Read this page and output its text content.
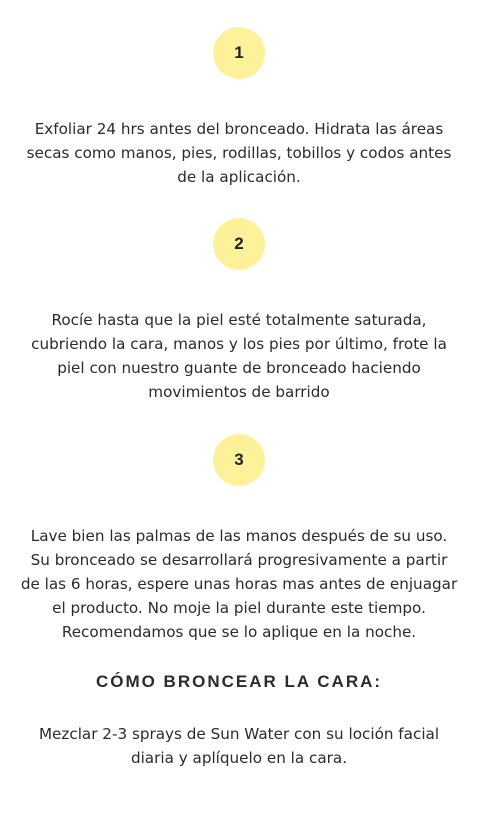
1
Exfoliar 24 hrs antes del bronceado. Hidrata las áreas secas como manos, pies, rodillas, tobillos y codos antes de la aplicación.
2
Rocíe hasta que la piel esté totalmente saturada, cubriendo la cara, manos y los pies por último, frote la piel con nuestro guante de bronceado haciendo movimientos de barrido
3
Lave bien las palmas de las manos después de su uso. Su bronceado se desarrollará progresivamente a partir de las 6 horas, espere unas horas mas antes de enjuagar el producto. No moje la piel durante este tiempo. Recomendamos que se lo aplique en la noche.
CÓMO BRONCEAR LA CARA:
Mezclar 2-3 sprays de Sun Water con su loción facial diaria y aplíquelo en la cara.
